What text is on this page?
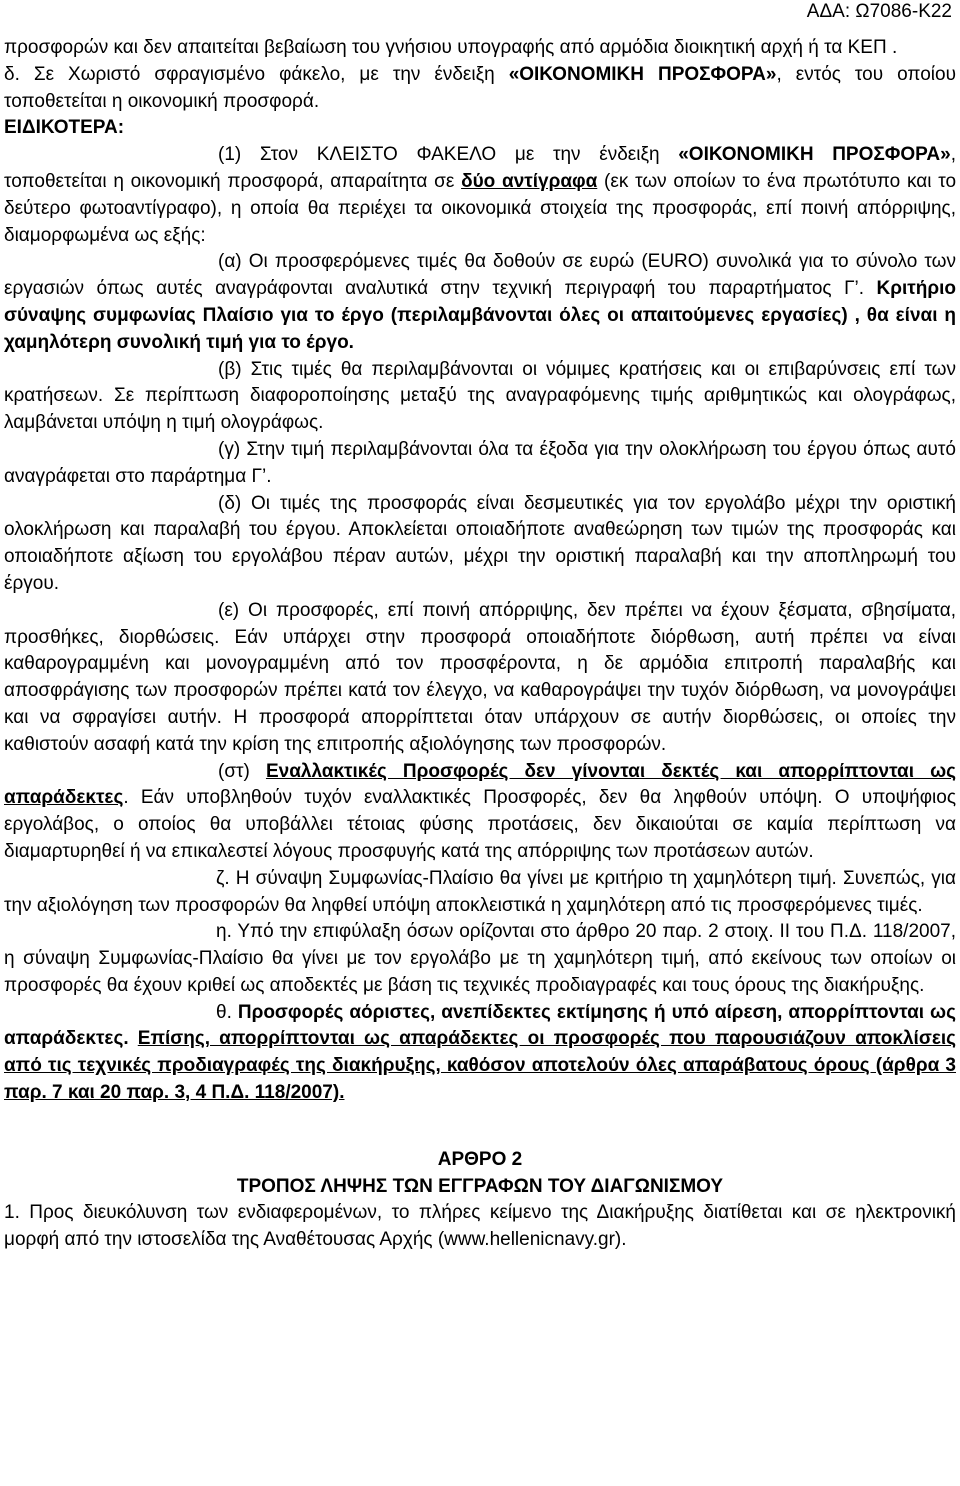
ΑΔΑ: Ω7086-Κ22

προσφορών και δεν απαιτείται βεβαίωση του γνήσιου υπογραφής από αρμόδια διοικητική αρχή ή τα ΚΕΠ .

δ. Σε Χωριστό σφραγισμένο φάκελο, με την ένδειξη «ΟΙΚΟΝΟΜΙΚΗ ΠΡΟΣΦΟΡΑ», εντός του οποίου τοποθετείται η οικονομική προσφορά.

ΕΙΔΙΚΟΤΕΡΑ:

(1) Στον ΚΛΕΙΣΤΟ ΦΑΚΕΛΟ με την ένδειξη «ΟΙΚΟΝΟΜΙΚΗ ΠΡΟΣΦΟΡΑ», τοποθετείται η οικονομική προσφορά, απαραίτητα σε δύο αντίγραφα (εκ των οποίων το ένα πρωτότυπο και το δεύτερο φωτοαντίγραφο), η οποία θα περιέχει τα οικονομικά στοιχεία της προσφοράς, επί ποινή απόρριψης, διαμορφωμένα ως εξής:

(α) Οι προσφερόμενες τιμές θα δοθούν σε ευρώ (EURO) συνολικά για το σύνολο των εργασιών όπως αυτές αναγράφονται αναλυτικά στην τεχνική περιγραφή του παραρτήματος Γ’. Κριτήριο σύναψης συμφωνίας Πλαίσιο για το έργο (περιλαμβάνονται όλες οι απαιτούμενες εργασίες) , θα είναι η χαμηλότερη συνολική τιμή για το έργο.

(β) Στις τιμές θα περιλαμβάνονται οι νόμιμες κρατήσεις και οι επιβαρύνσεις επί των κρατήσεων. Σε περίπτωση διαφοροποίησης μεταξύ της αναγραφόμενης τιμής αριθμητικώς και ολογράφως, λαμβάνεται υπόψη η τιμή ολογράφως.

(γ) Στην τιμή περιλαμβάνονται όλα τα έξοδα για την ολοκλήρωση του έργου όπως αυτό αναγράφεται στο παράρτημα Γ’.

(δ) Οι τιμές της προσφοράς είναι δεσμευτικές για τον εργολάβο μέχρι την οριστική ολοκλήρωση και παραλαβή του έργου. Αποκλείεται οποιαδήποτε αναθεώρηση των τιμών της προσφοράς και οποιαδήποτε αξίωση του εργολάβου πέραν αυτών, μέχρι την οριστική παραλαβή και την αποπληρωμή του έργου.

(ε) Οι προσφορές, επί ποινή απόρριψης, δεν πρέπει να έχουν ξέσματα, σβησίματα, προσθήκες, διορθώσεις. Εάν υπάρχει στην προσφορά οποιαδήποτε διόρθωση, αυτή πρέπει να είναι καθαρογραμμένη και μονογραμμένη από τον προσφέροντα, η δε αρμόδια επιτροπή παραλαβής και αποσφράγισης των προσφορών πρέπει κατά τον έλεγχο, να καθαρογράψει την τυχόν διόρθωση, να μονογράψει και να σφραγίσει αυτήν. Η προσφορά απορρίπτεται όταν υπάρχουν σε αυτήν διορθώσεις, οι οποίες την καθιστούν ασαφή κατά την κρίση της επιτροπής αξιολόγησης των προσφορών.

(στ) Εναλλακτικές Προσφορές δεν γίνονται δεκτές και απορρίπτονται ως απαράδεκτες. Εάν υποβληθούν τυχόν εναλλακτικές Προσφορές, δεν θα ληφθούν υπόψη. Ο υποψήφιος εργολάβος, ο οποίος θα υποβάλλει τέτοιας φύσης προτάσεις, δεν δικαιούται σε καμία περίπτωση να διαμαρτυρηθεί ή να επικαλεστεί λόγους προσφυγής κατά της απόρριψης των προτάσεων αυτών.

ζ. Η σύναψη Συμφωνίας-Πλαίσιο θα γίνει με κριτήριο τη χαμηλότερη τιμή. Συνεπώς, για την αξιολόγηση των προσφορών θα ληφθεί υπόψη αποκλειστικά η χαμηλότερη από τις προσφερόμενες τιμές.

η. Υπό την επιφύλαξη όσων ορίζονται στο άρθρο 20 παρ. 2 στοιχ. ΙΙ του Π.Δ. 118/2007, η σύναψη Συμφωνίας-Πλαίσιο θα γίνει με τον εργολάβο με τη χαμηλότερη τιμή, από εκείνους των οποίων οι προσφορές θα έχουν κριθεί ως αποδεκτές με βάση τις τεχνικές προδιαγραφές και τους όρους της διακήρυξης.

θ. Προσφορές αόριστες, ανεπίδεκτες εκτίμησης ή υπό αίρεση, απορρίπτονται ως απαράδεκτες. Επίσης, απορρίπτονται ως απαράδεκτες οι προσφορές που παρουσιάζουν αποκλίσεις από τις τεχνικές προδιαγραφές της διακήρυξης, καθόσον αποτελούν όλες απαράβατους όρους (άρθρα 3 παρ. 7 και 20 παρ. 3, 4 Π.Δ. 118/2007).

ΑΡΘΡΟ 2

ΤΡΟΠΟΣ ΛΗΨΗΣ ΤΩΝ ΕΓΓΡΑΦΩΝ ΤΟΥ ΔΙΑΓΩΝΙΣΜΟΥ

1. Προς διευκόλυνση των ενδιαφερομένων, το πλήρες κείμενο της Διακήρυξης διατίθεται και σε ηλεκτρονική μορφή από την ιστοσελίδα της Αναθέτουσας Αρχής (www.hellenicnavy.gr).
